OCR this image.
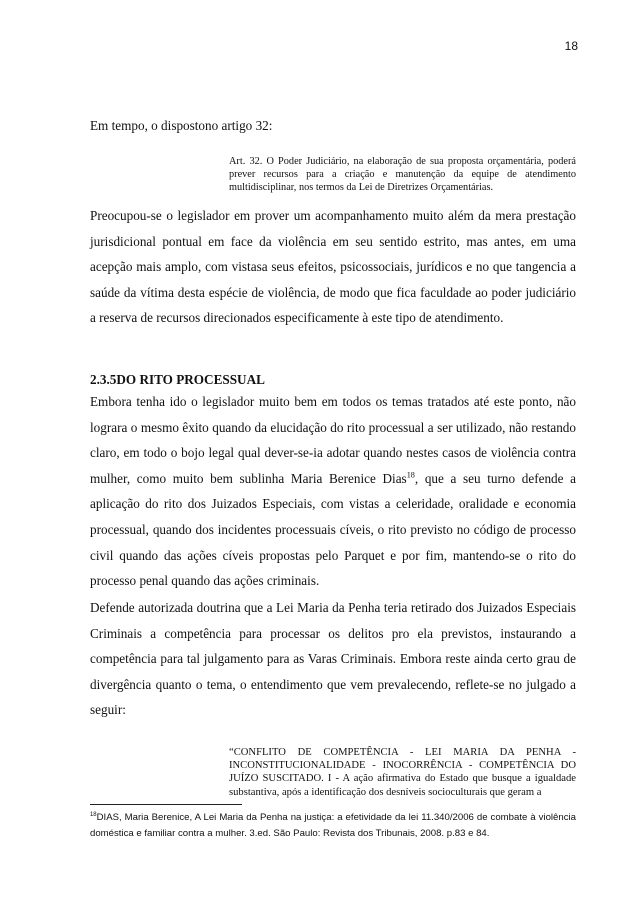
18

Em tempo, o dispostono artigo 32:

Art. 32. O Poder Judiciário, na elaboração de sua proposta orçamentária, poderá prever recursos para a criação e manutenção da equipe de atendimento multidisciplinar, nos termos da Lei de Diretrizes Orçamentárias.

Preocupou-se o legislador em prover um acompanhamento muito além da mera prestação jurisdicional pontual em face da violência em seu sentido estrito, mas antes, em uma acepção mais amplo, com vistasa seus efeitos, psicossociais, jurídicos e no que tangencia a saúde da vítima desta espécie de violência, de modo que fica faculdade ao poder judiciário a reserva de recursos direcionados especificamente à este tipo de atendimento.

2.3.5DO RITO PROCESSUAL

Embora tenha ido o legislador muito bem em todos os temas tratados até este ponto, não lograra o mesmo êxito quando da elucidação do rito processual a ser utilizado, não restando claro, em todo o bojo legal qual dever-se-ia adotar quando nestes casos de violência contra mulher, como muito bem sublinha Maria Berenice Dias$^{18}$, que a seu turno defende a aplicação do rito dos Juizados Especiais, com vistas a celeridade, oralidade e economia processual, quando dos incidentes processuais cíveis, o rito previsto no código de processo civil quando das ações cíveis propostas pelo Parquet e por fim, mantendo-se o rito do processo penal quando das ações criminais.

Defende autorizada doutrina que a Lei Maria da Penha teria retirado dos Juizados Especiais Criminais a competência para processar os delitos pro ela previstos, instaurando a competência para tal julgamento para as Varas Criminais. Embora reste ainda certo grau de divergência quanto o tema, o entendimento que vem prevalecendo, reflete-se no julgado a seguir:

“CONFLITO DE COMPETÊNCIA - LEI MARIA DA PENHA - INCONSTITUCIONALIDADE - INOCORRÊNCIA - COMPETÊNCIA DO JUÍZO SUSCITADO. I - A ação afirmativa do Estado que busque a igualdade substantiva, após a identificação dos desníveis socioculturais que geram a

$^{18}$DIAS, Maria Berenice, A Lei Maria da Penha na justiça: a efetividade da lei 11.340/2006 de combate à violência doméstica e familiar contra a mulher. 3.ed. São Paulo: Revista dos Tribunais, 2008. p.83 e 84.
